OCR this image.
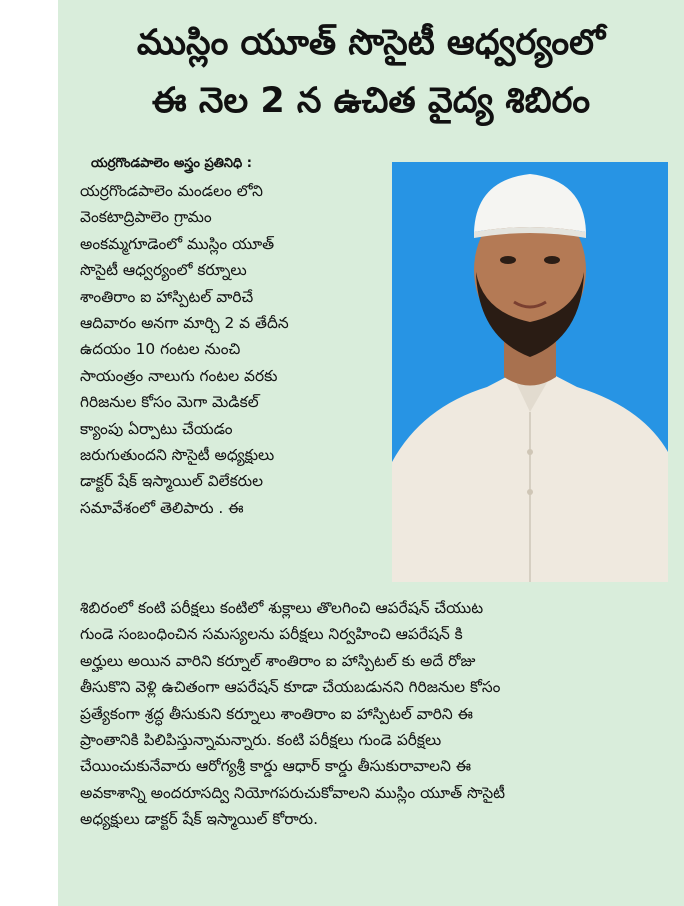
ముస్లిం యూత్ సొసైటీ ఆధ్వర్యంలో
ఈ నెల 2 న ఉచిత వైద్య శిబిరం
యర్రగొండపాలెం అస్త్రం ప్రతినిధి :
యర్రగొండపాలెం మండలం లోని
వెంకటాద్రిపాలెం గ్రామం
అంకమ్మగూడెంలో ముస్లిం యూత్
సొసైటీ ఆధ్వర్యంలో కర్నూలు
శాంతిరాం ఐ హాస్పిటల్ వారిచే
ఆదివారం అనగా మార్చి 2 వ తేదీన
ఉదయం 10 గంటల నుంచి
సాయంత్రం నాలుగు గంటల వరకు
గిరిజనుల కోసం మెగా మెడికల్
క్యాంపు ఏర్పాటు చేయడం
జరుగుతుందని సొసైటీ అధ్యక్షులు
డాక్టర్ షేక్ ఇస్మాయిల్ విలేకరుల
సమావేశంలో తెలిపారు . ఈ
శిబిరంలో కంటి పరీక్షలు కంటిలో శుక్లాలు తొలగించి ఆపరేషన్ చేయుట
గుండె సంబంధించిన సమస్యలను పరీక్షలు నిర్వహించి ఆపరేషన్ కి
అర్హులు అయిన వారిని కర్నూల్ శాంతిరాం ఐ హాస్పిటల్ కు అదే రోజు
తీసుకొని వెళ్లి ఉచితంగా ఆపరేషన్ కూడా చేయబడునని గిరిజనుల కోసం
ప్రత్యేకంగా శ్రద్ధ తీసుకుని కర్నూలు శాంతిరాం ఐ హాస్పిటల్ వారిని ఈ
ప్రాంతానికి పిలిపిస్తున్నామన్నారు. కంటి పరీక్షలు గుండె పరీక్షలు
చేయించుకునేవారు ఆరోగ్యశ్రీ కార్డు ఆధార్ కార్డు తీసుకురావాలని ఈ
అవకాశాన్ని అందరూసద్వి నియోగపరుచుకోవాలని ముస్లిం యూత్ సొసైటీ
అధ్యక్షులు డాక్టర్ షేక్ ఇస్మాయిల్ కోరారు.
